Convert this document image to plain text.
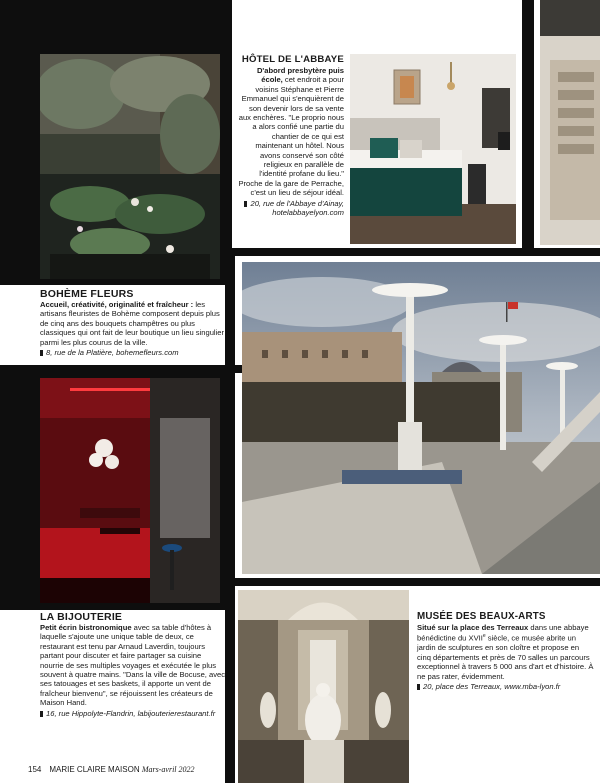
BOHÈME FLEURS
Accueil, créativité, originalité et fraîcheur : les artisans fleuristes de Bohème composent depuis plus de cinq ans des bouquets champêtres ou plus classiques qui ont fait de leur boutique un lieu singulier parmi les plus courus de la ville.
8, rue de la Platière, bohemefleurs.com
HÔTEL DE L'ABBAYE
D'abord presbytère puis école, cet endroit a pour voisins Stéphane et Pierre Emmanuel qui s'enquièrent de son devenir lors de sa vente aux enchères. "Le proprio nous a alors confié une partie du chantier de ce qui est maintenant un hôtel. Nous avons conservé son côté religieux en parallèle de l'identité profane du lieu." Proche de la gare de Perrache, c'est un lieu de séjour idéal.
20, rue de l'Abbaye d'Ainay, hotelabbayelyon.com
LA BIJOUTERIE
Petit écrin bistronomique avec sa table d'hôtes à laquelle s'ajoute une unique table de deux, ce restaurant est tenu par Arnaud Laverdin, toujours partant pour discuter et faire partager sa cuisine nourrie de ses multiples voyages et exécutée le plus souvent à quatre mains. "Dans la ville de Bocuse, avec ses tatouages et ses baskets, il apporte un vent de fraîcheur bienvenu", se réjouissent les créateurs de Maison Hand.
16, rue Hippolyte-Flandrin, labijouterierestaurant.fr
MUSÉE DES BEAUX-ARTS
Situé sur la place des Terreaux dans une abbaye bénédictine du XVIIe siècle, ce musée abrite un jardin de sculptures en son cloître et propose en cinq départements et près de 70 salles un parcours exceptionnel à travers 5 000 ans d'art et d'histoire. À ne pas rater, évidemment.
20, place des Terreaux, www.mba-lyon.fr
154 MARIE CLAIRE MAISON Mars-avril 2022
